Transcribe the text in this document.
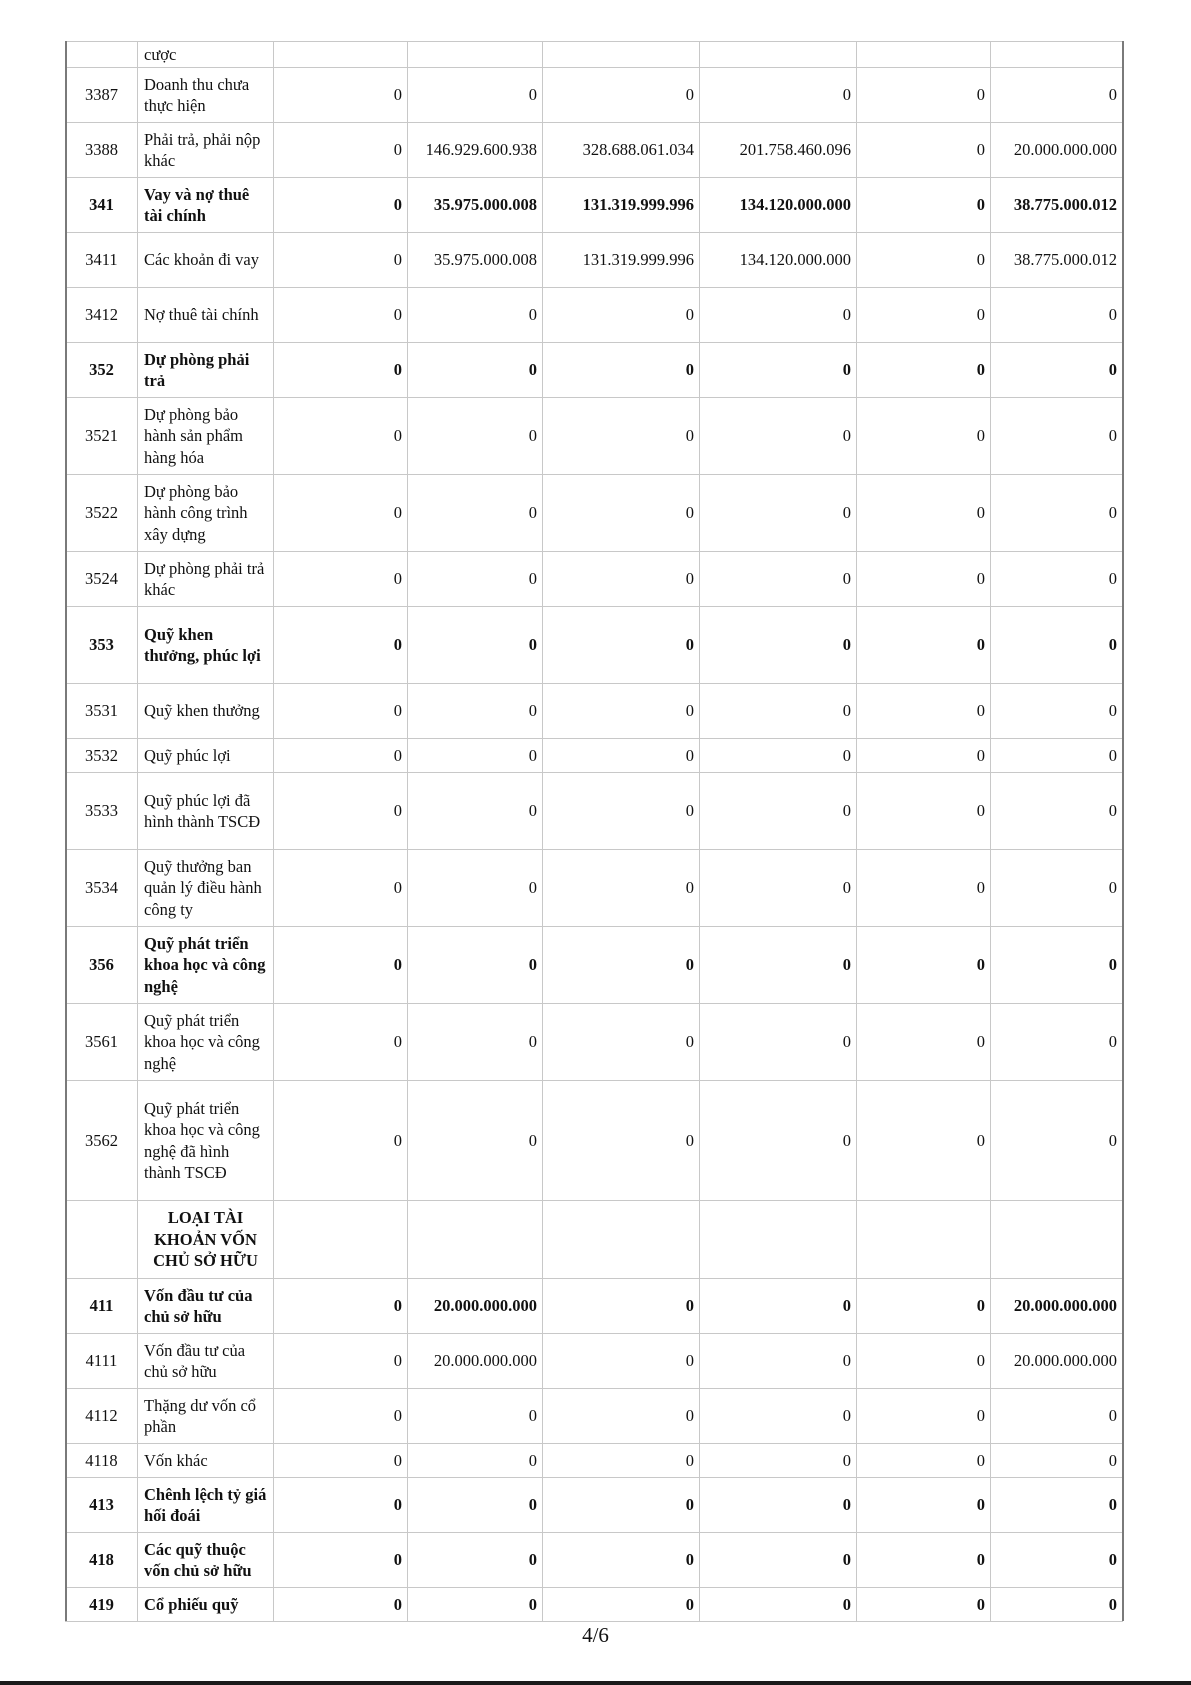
	cược						
3387	Doanh thu chưa thực hiện	0	0	0	0	0	0
3388	Phải trả, phải nộp khác	0	146.929.600.938	328.688.061.034	201.758.460.096	0	20.000.000.000
341	Vay và nợ thuê tài chính	0	35.975.000.008	131.319.999.996	134.120.000.000	0	38.775.000.012
3411	Các khoản đi vay	0	35.975.000.008	131.319.999.996	134.120.000.000	0	38.775.000.012
3412	Nợ thuê tài chính	0	0	0	0	0	0
352	Dự phòng phải trả	0	0	0	0	0	0
3521	Dự phòng bảo hành sản phẩm hàng hóa	0	0	0	0	0	0
3522	Dự phòng bảo hành công trình xây dựng	0	0	0	0	0	0
3524	Dự phòng phải trả khác	0	0	0	0	0	0
353	Quỹ khen thưởng, phúc lợi	0	0	0	0	0	0
3531	Quỹ khen thưởng	0	0	0	0	0	0
3532	Quỹ phúc lợi	0	0	0	0	0	0
3533	Quỹ phúc lợi đã hình thành TSCĐ	0	0	0	0	0	0
3534	Quỹ thưởng ban quản lý điều hành công ty	0	0	0	0	0	0
356	Quỹ phát triển khoa học và công nghệ	0	0	0	0	0	0
3561	Quỹ phát triển khoa học và công nghệ	0	0	0	0	0	0
3562	Quỹ phát triển khoa học và công nghệ đã hình thành TSCĐ	0	0	0	0	0	0
	LOẠI TÀI KHOẢN VỐN CHỦ SỞ HỮU						
411	Vốn đầu tư của chủ sở hữu	0	20.000.000.000	0	0	0	20.000.000.000
4111	Vốn đầu tư của chủ sở hữu	0	20.000.000.000	0	0	0	20.000.000.000
4112	Thặng dư vốn cổ phần	0	0	0	0	0	0
4118	Vốn khác	0	0	0	0	0	0
413	Chênh lệch tỷ giá hối đoái	0	0	0	0	0	0
418	Các quỹ thuộc vốn chủ sở hữu	0	0	0	0	0	0
419	Cổ phiếu quỹ	0	0	0	0	0	0
4/6
